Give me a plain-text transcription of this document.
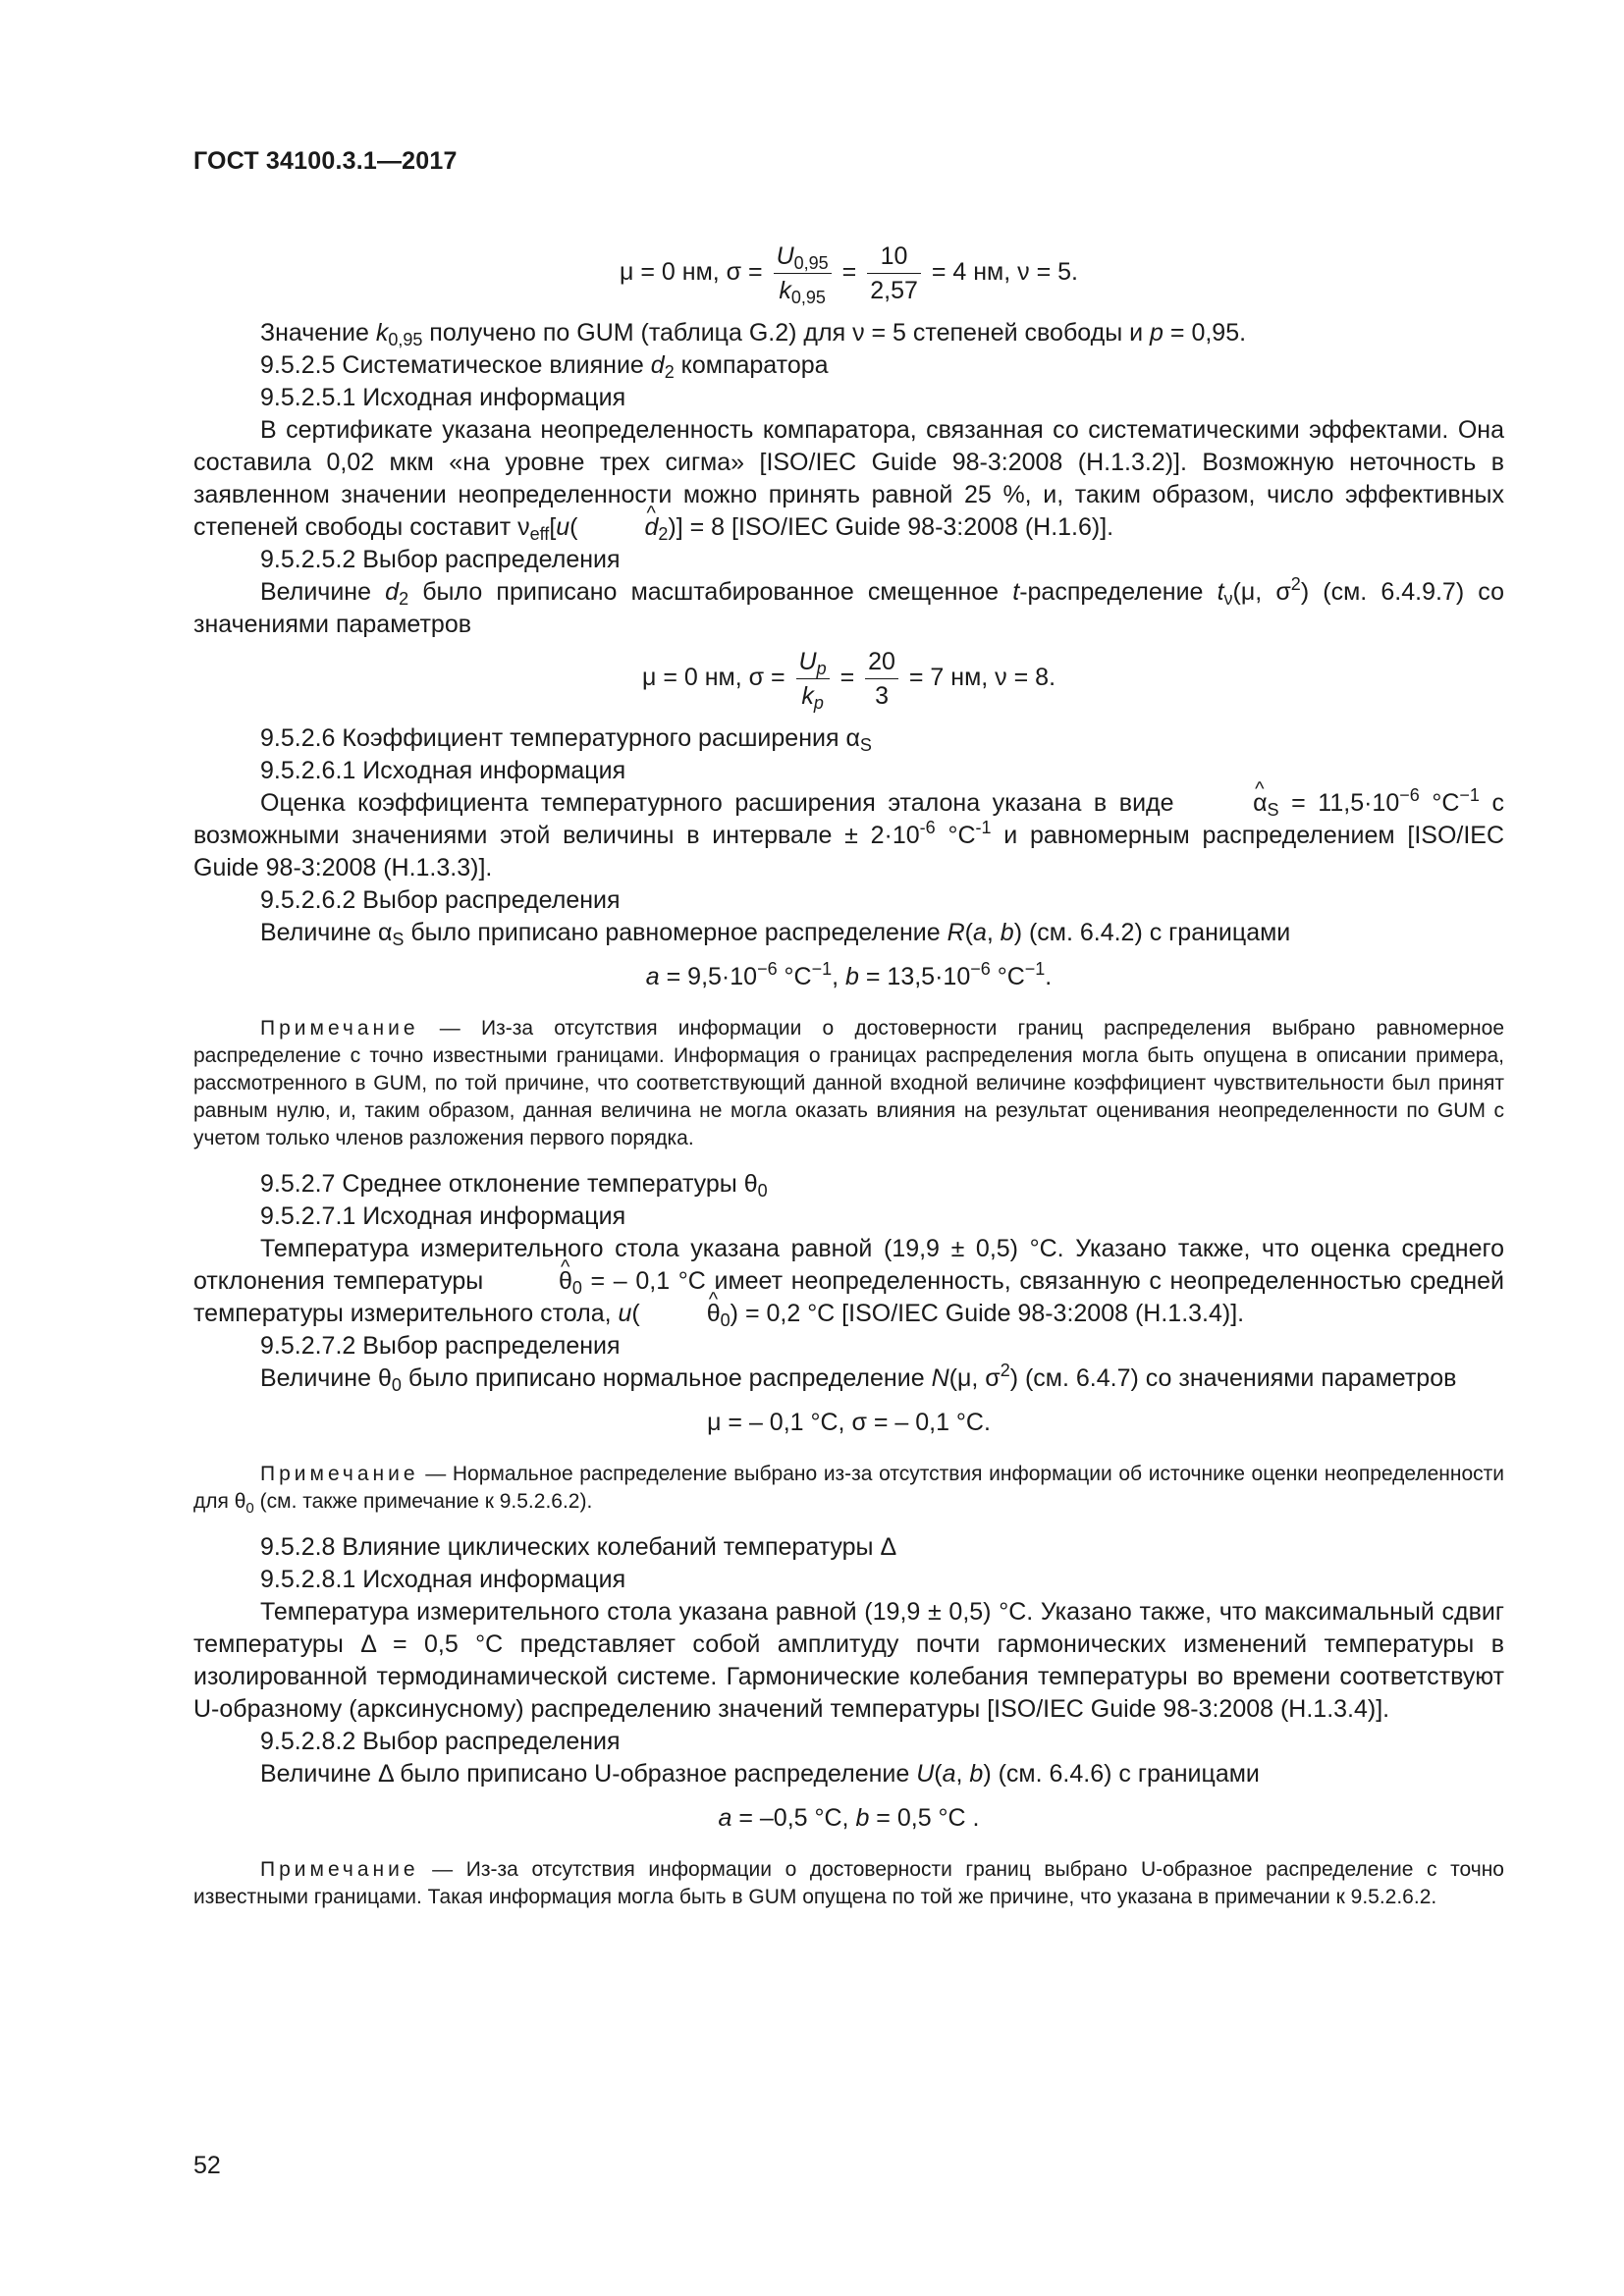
ГОСТ 34100.3.1—2017
μ = 0 нм, $\sigma = \frac{U_{0,95}}{k_{0,95}} = \frac{10}{2,57} = 4$ нм, ν = 5.

Значение $k_{0,95}$ получено по GUM (таблица G.2) для ν = 5 степеней свободы и p = 0,95.

9.5.2.5 Систематическое влияние $d_2$ компаратора

9.5.2.5.1 Исходная информация

В сертификате указана неопределенность компаратора, связанная со систематическими эффектами. Она составила 0,02 мкм «на уровне трех сигма» [ISO/IEC Guide 98-3:2008 (H.1.3.2)]. Возможную неточность в заявленном значении неопределенности можно принять равной 25 %, и, таким образом, число эффективных степеней свободы составит $\nu_{eff}[u(\^{}$	$d_2)] = 8$ [ISO/IEC Guide 98-3:2008 (H.1.6)].

9.5.2.5.2 Выбор распределения

Величине $d_2$ было приписано масштабированное смещенное t-распределение $t_\nu(\mu$, $\sigma^2$) (см. 6.4.9.7) со значениями параметров

μ = 0 нм, $\sigma = \frac{U_p}{k_p} = \frac{20}{3} = 7$ нм, ν = 8.

9.5.2.6 Коэффициент температурного расширения $\alpha_S$

9.5.2.6.1 Исходная информация

Оценка коэффициента температурного расширения эталона указана в виде ^	$\alpha_S = 11,5\cdot 10^{-6}$ $^\circ C^{-1}$ с возможными значениями этой величины в интервале ± $2\cdot 10^{-6}$ $^\circ C^{-1}$ и равномерным распределением [ISO/IEC Guide 98-3:2008 (H.1.3.3)].

9.5.2.6.2 Выбор распределения

Величине $\alpha_S$ было приписано равномерное распределение R(a, b) (см. 6.4.2) с границами

$a = 9,5\cdot 10^{-6}$ $^\circ C^{-1}$, $b = 13,5\cdot 10^{-6}$ $^\circ C^{-1}$.

Примечание — Из-за отсутствия информации о достоверности границ распределения выбрано равномерное распределение с точно известными границами. Информация о границах распределения могла быть опущена в описании примера, рассмотренного в GUM, по той причине, что соответствующий данной входной величине коэффициент чувствительности был принят равным нулю, и, таким образом, данная величина не могла оказать влияния на результат оценивания неопределенности по GUM с учетом только членов разложения первого порядка.

9.5.2.7 Среднее отклонение температуры $\theta_0$

9.5.2.7.1 Исходная информация

Температура измерительного стола указана равной (19,9 ± 0,5) °C. Указано также, что оценка среднего отклонения температуры ^	$\theta_0$ = – 0,1 °C имеет неопределенность, связанную с неопределенностью средней температуры измерительного стола, u(^	$\theta_0) = 0,2$ °C [ISO/IEC Guide 98-3:2008 (H.1.3.4)].

9.5.2.7.2 Выбор распределения

Величине $\theta_0$ было приписано нормальное распределение N(μ, $\sigma^2$) (см. 6.4.7) со значениями параметров

μ = – 0,1 °C, σ = – 0,1 °C.

Примечание — Нормальное распределение выбрано из-за отсутствия информации об источнике оценки неопределенности для $\theta_0$ (см. также примечание к 9.5.2.6.2).

9.5.2.8 Влияние циклических колебаний температуры Δ

9.5.2.8.1 Исходная информация

Температура измерительного стола указана равной (19,9 ± 0,5) °C. Указано также, что максимальный сдвиг температуры Δ = 0,5 °C представляет собой амплитуду почти гармонических изменений температуры в изолированной термодинамической системе. Гармонические колебания температуры во времени соответствуют U-образному (арксинусному) распределению значений температуры [ISO/IEC Guide 98-3:2008 (H.1.3.4)].

9.5.2.8.2 Выбор распределения

Величине Δ было приписано U-образное распределение U(a, b) (см. 6.4.6) с границами

a = –0,5 °C, b = 0,5 °C .

Примечание — Из-за отсутствия информации о достоверности границ выбрано U-образное распределение с точно известными границами. Такая информация могла быть в GUM опущена по той же причине, что указана в примечании к 9.5.2.6.2.

52
